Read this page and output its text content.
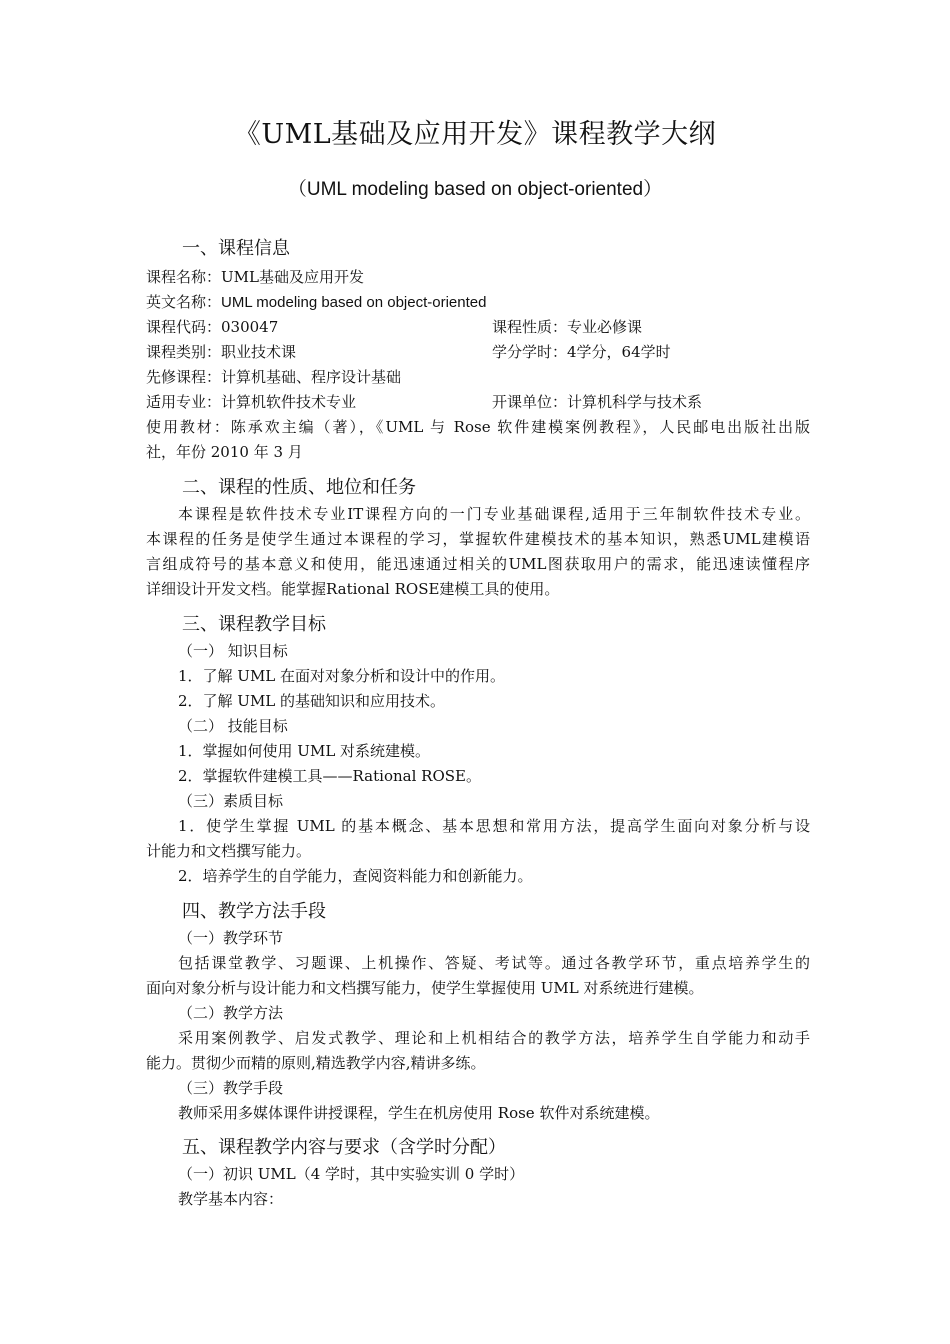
《UML基础及应用开发》课程教学大纲
（UML modeling based on object-oriented）
一、课程信息
课程名称：UML基础及应用开发
英文名称：UML modeling based on object-oriented
课程代码：030047	课程性质：专业必修课
课程类别：职业技术课	学分学时：4学分，64学时
先修课程：计算机基础、程序设计基础
适用专业：计算机软件技术专业	开课单位：计算机科学与技术系
使用教材：陈承欢主编（著），《UML 与 Rose 软件建模案例教程》，人民邮电出版社出版
社，年份 2010 年 3 月
二、课程的性质、地位和任务
本课程是软件技术专业IT课程方向的一门专业基础课程,适用于三年制软件技术专业。
本课程的任务是使学生通过本课程的学习，掌握软件建模技术的基本知识，熟悉UML建模语
言组成符号的基本意义和使用，能迅速通过相关的UML图获取用户的需求，能迅速读懂程序
详细设计开发文档。能掌握Rational ROSE建模工具的使用。
三、课程教学目标
（一） 知识目标
1．了解 UML 在面对对象分析和设计中的作用。
2．了解 UML 的基础知识和应用技术。
（二） 技能目标
1．掌握如何使用 UML 对系统建模。
2．掌握软件建模工具——Rational ROSE。
（三）素质目标
1．使学生掌握 UML 的基本概念、基本思想和常用方法，提高学生面向对象分析与设
计能力和文档撰写能力。
2．培养学生的自学能力，查阅资料能力和创新能力。
四、教学方法手段
（一）教学环节
包括课堂教学、习题课、上机操作、答疑、考试等。通过各教学环节，重点培养学生的
面向对象分析与设计能力和文档撰写能力，使学生掌握使用 UML 对系统进行建模。
（二）教学方法
采用案例教学、启发式教学、理论和上机相结合的教学方法，培养学生自学能力和动手
能力。贯彻少而精的原则,精选教学内容,精讲多练。
（三）教学手段
教师采用多媒体课件讲授课程，学生在机房使用 Rose 软件对系统建模。
五、课程教学内容与要求（含学时分配）
（一）初识 UML（4 学时，其中实验实训 0 学时）
教学基本内容：
